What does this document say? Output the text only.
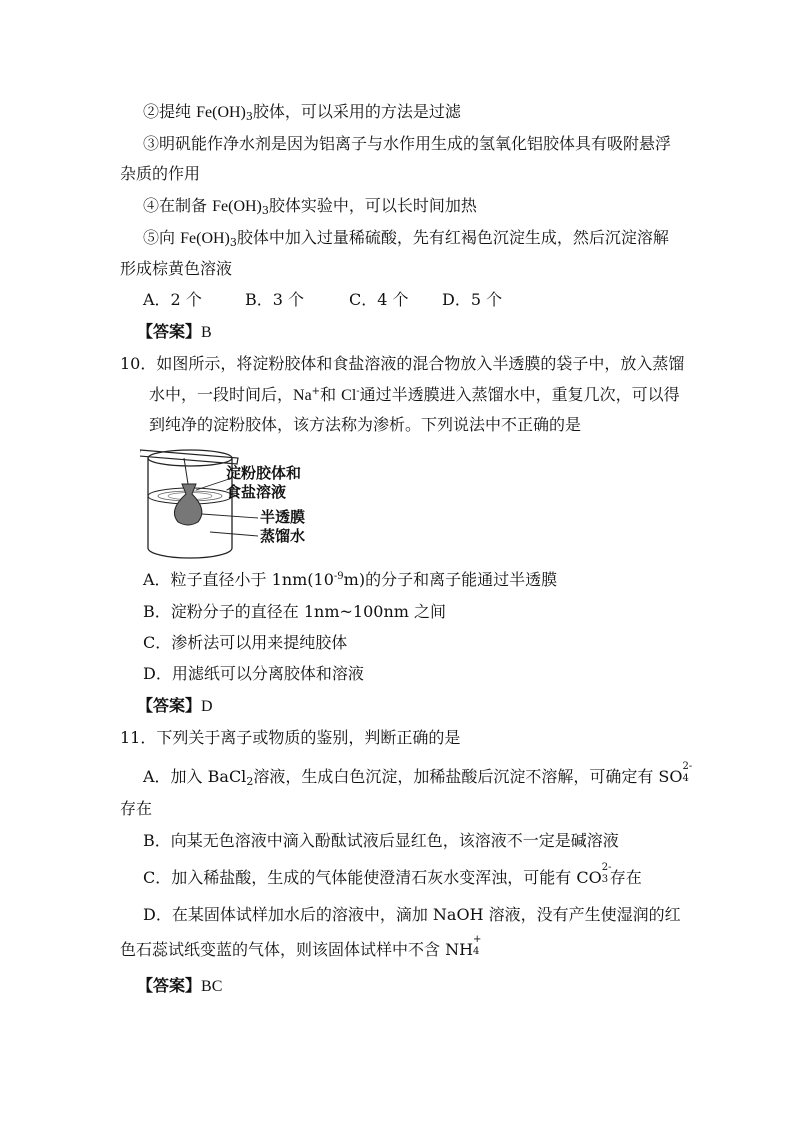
②提纯 $Fe(OH)_3$胶体，可以采用的方法是过滤
③明矾能作净水剂是因为铝离子与水作用生成的氢氧化铝胶体具有吸附悬浮
杂质的作用
④在制备 $Fe(OH)_3$胶体实验中，可以长时间加热
⑤向 $Fe(OH)_3$胶体中加入过量稀硫酸，先有红褐色沉淀生成，然后沉淀溶解
形成棕黄色溶液
A．2 个	B．3 个	C．4 个 D．5 个
【答案】B
10．如图所示，将淀粉胶体和食盐溶液的混合物放入半透膜的袋子中，放入蒸馏
水中，一段时间后，Na+和 Cl-通过半透膜进入蒸馏水中，重复几次，可以得
到纯净的淀粉胶体，该方法称为渗析。下列说法中不正确的是
淀粉胶体和
食盐溶液
半透膜
蒸馏水
A．粒子直径小于 $1nm(10^{-9}m)$的分子和离子能通过半透膜
B．淀粉分子的直径在 1nm~100nm 之间
C．渗析法可以用来提纯胶体
D．用滤纸可以分离胶体和溶液
【答案】D
11．下列关于离子或物质的鉴别，判断正确的是
A．加入 BaCl$_2$溶液，生成白色沉淀，加稀盐酸后沉淀不溶解，可确定有 SO
2-
4
存在
B．向某无色溶液中滴入酚酞试液后显红色，该溶液不一定是碱溶液
C．加入稀盐酸，生成的气体能使澄清石灰水变浑浊，可能有 CO
2-
3 存在
D．在某固体试样加水后的溶液中，滴加 NaOH 溶液，没有产生使湿润的红
色石蕊试纸变蓝的气体，则该固体试样中不含 NH
+
4
【答案】BC
